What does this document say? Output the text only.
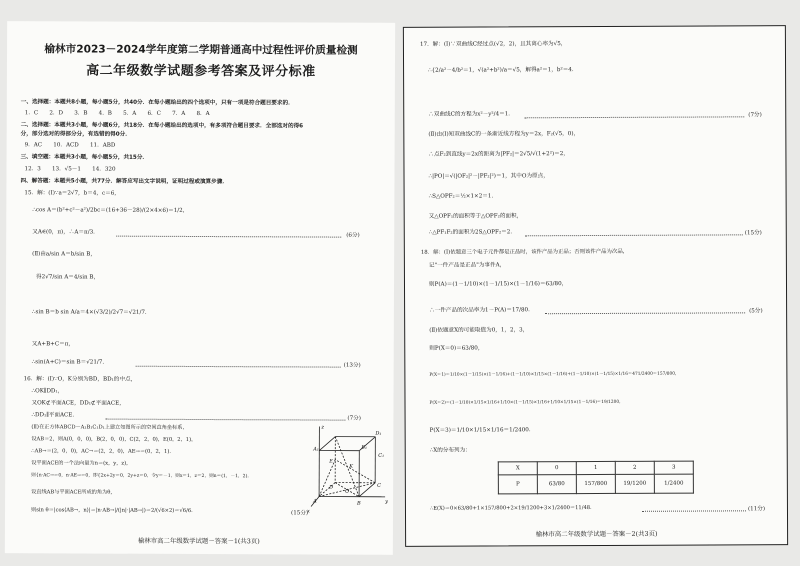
榆林市2023－2024学年度第二学期普通高中过程性评价质量检测
高二年级数学试题参考答案及评分标准
一、选择题：本题共8小题，每小题5分，共40分．在每小题给出的四个选项中，只有一项是符合题目要求的．
1．C　　2．D　　3．B　　4．B　　5．A　　6．C　　7．A　　8．A
二、选择题：本题共3小题，每小题6分，共18分．在每小题给出的选项中，有多项符合题目要求．全部选对的得6
分，部分选对的得部分分，有选错的得0分．
9．AC　　10．ACD　　11．ABD
三、填空题：本题共3小题，每小题5分，共15分．
12．3　　13．√5－1　　14．320
四、解答题：本题共5小题，共77分．解答应写出文字说明，证明过程或演算步骤．
15．解：(Ⅰ)∵a＝2√7，b＝4，c＝6，
∴cos A＝(b²+c²－a²)/2bc＝(16+36－28)/(2×4×6)＝1/2，
又A∈(0，π)，∴A＝π/3．
(6分)
(Ⅱ)由a/sin A＝b/sin B，
得2√7/sin A＝4/sin B，
∴sin B＝b sin A/a＝4×(√3/2)/2√7＝√21/7．
又A+B+C＝π，
∴sin(A+C)＝sin B＝√21/7．
(13分)
16．解：(Ⅰ)∵O，K分别为BD，BD₁的中点，
∴OK∥DD₁，
又OK⊄平面ACE，DD₁⊄平面ACE，
∴DD₁∥平面ACE．
(7分)
(Ⅱ)在正方体ABCD－A₁B₁C₁D₁上建立如图所示的空间直角坐标系，
设AB＝2，则A(0，0，0)，B(2，0，0)，C(2，2，0)，E(0，2，1)，
∴AB→＝(2，0，0)，AC→＝(2，2，0)，AE→＝(0，2，1)．
设平面ACE的一个法向量为n＝(x，y，z)，
则{n·AC→＝0，n·AE→＝0，即{2x+2y＝0，2y+z＝0，令y＝－1，则x＝1，z＝2，则n＝(1，－1，2)．
设直线AB与平面ACE所成的角为θ，
则sin θ＝|cos⟨AB→，n⟩|＝|n·AB→|/(|n|·|AB→|)＝2/(√6×2)＝√6/6．	(15分)
D₁
C₁
A₁	B₁
K
E
D	C
A	B
O
x
y
z
榆林市高二年级数学试题－答案－1(共3页)
17．解：(Ⅰ)∵双曲线C经过点(√2，2)，且其离心率为√5，
∴{2/a²－4/b²＝1，√(a²+b²)/a＝√5，解得a²＝1，b²＝4．
∴双曲线C的方程为x²－y²/4＝1．	(7分)
(Ⅱ)由(Ⅰ)知双曲线C的一条渐近线方程为y＝2x，F₂(√5，0)，
∴点F₂到直线y＝2x的距离为|PF₂|＝2√5/√(1+2²)＝2，
∴|PO|＝√(|OF₂|²－|PF₂|²)＝1，其中O为原点，
∴S△OPF₂＝½×1×2＝1．
又△OPF₁的面积等于△OPF₂的面积，
∴△PF₁F₂的面积为2S△OPF₂＝2．	(15分)
18．解：(Ⅰ)依题意三个电子元件都是正品时，该件产品为正品；否则该件产品为次品，
记"一件产品是正品"为事件A，
则P(A)＝(1－1/10)×(1－1/15)×(1－1/16)＝63/80，
∴一件产品的次品率为1－P(A)＝17/80．	(5分)
(Ⅱ)依题意X的可能取值为0，1，2，3，
则P(X＝0)＝63/80，
P(X＝1)＝1/10×(1－1/15)×(1－1/16)+(1－1/10)×1/15×(1－1/16)+(1－1/10)×(1－1/15)×1/16＝471/2400＝157/800，
P(X＝2)＝(1－1/10)×1/15×1/16+1/10×(1－1/15)×1/16+1/10×1/15×(1－1/16)＝19/1200，
P(X＝3)＝1/10×1/15×1/16＝1/2400．
∴X的分布列为：
X	0	1	2	3
P	63/80	157/800	19/1200	1/2400
∴E(X)＝0×63/80+1×157/800+2×19/1200+3×1/2400＝11/48．	(11分)
榆林市高二年级数学试题－答案－2(共3页)
